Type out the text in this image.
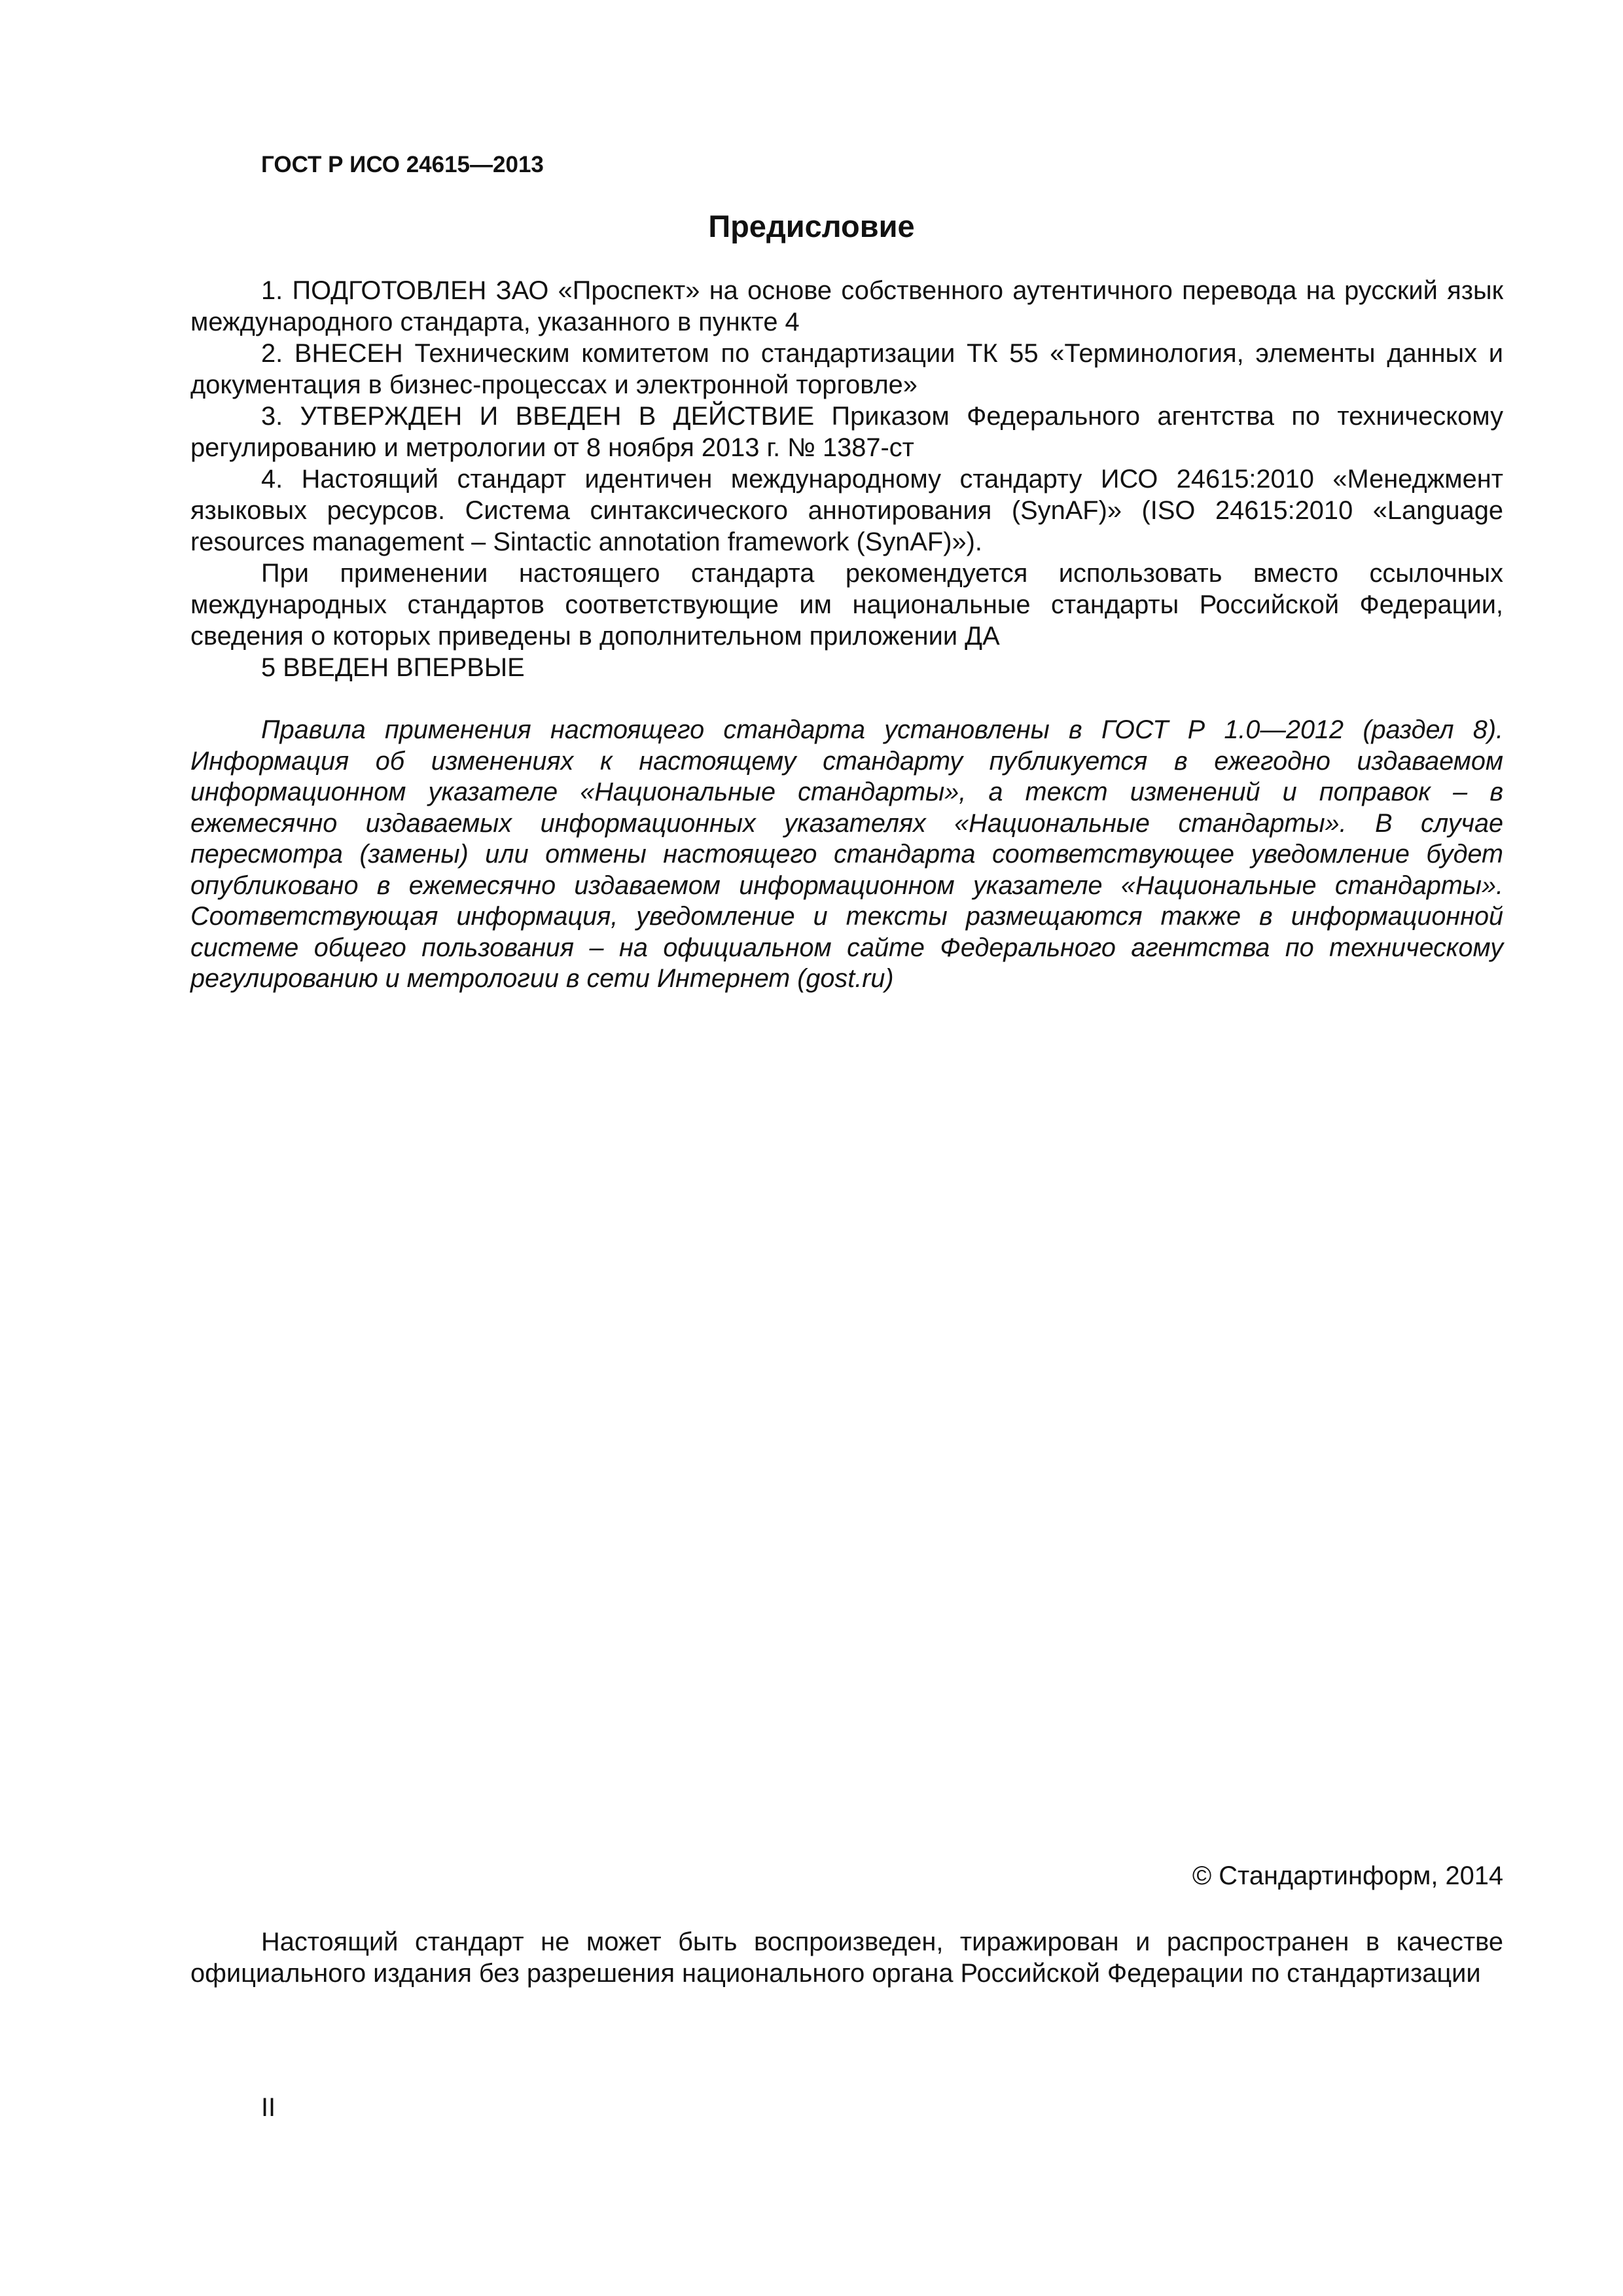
ГОСТ Р ИСО 24615—2013
Предисловие

1. ПОДГОТОВЛЕН ЗАО «Проспект» на основе собственного аутентичного перевода на русский язык международного стандарта, указанного в пункте 4

2. ВНЕСЕН Техническим комитетом по стандартизации ТК 55 «Терминология, элементы данных и документация в бизнес-процессах и электронной торговле»

3. УТВЕРЖДЕН И ВВЕДЕН В ДЕЙСТВИЕ Приказом Федерального агентства по техническому регулированию и метрологии от 8 ноября 2013 г. № 1387-ст

4. Настоящий стандарт идентичен международному стандарту ИСО 24615:2010 «Менеджмент языковых ресурсов. Система синтаксического аннотирования (SynAF)» (ISO 24615:2010 «Language resources management – Sintactic annotation framework (SynAF)»).

При применении настоящего стандарта рекомендуется использовать вместо ссылочных международных стандартов соответствующие им национальные стандарты Российской Федерации, сведения о которых приведены в дополнительном приложении ДА

5 ВВЕДЕН ВПЕРВЫЕ

Правила применения настоящего стандарта установлены в ГОСТ Р 1.0—2012 (раздел 8). Информация об изменениях к настоящему стандарту публикуется в ежегодно издаваемом информационном указателе «Национальные стандарты», а текст изменений и поправок – в ежемесячно издаваемых информационных указателях «Национальные стандарты». В случае пересмотра (замены) или отмены настоящего стандарта соответствующее уведомление будет опубликовано в ежемесячно издаваемом информационном указателе «Национальные стандарты». Соответствующая информация, уведомление и тексты размещаются также в информационной системе общего пользования – на официальном сайте Федерального агентства по техническому регулированию и метрологии в сети Интернет (gost.ru)

© Стандартинформ, 2014

Настоящий стандарт не может быть воспроизведен, тиражирован и распространен в качестве официального издания без разрешения национального органа Российской Федерации по стандартизации

II
